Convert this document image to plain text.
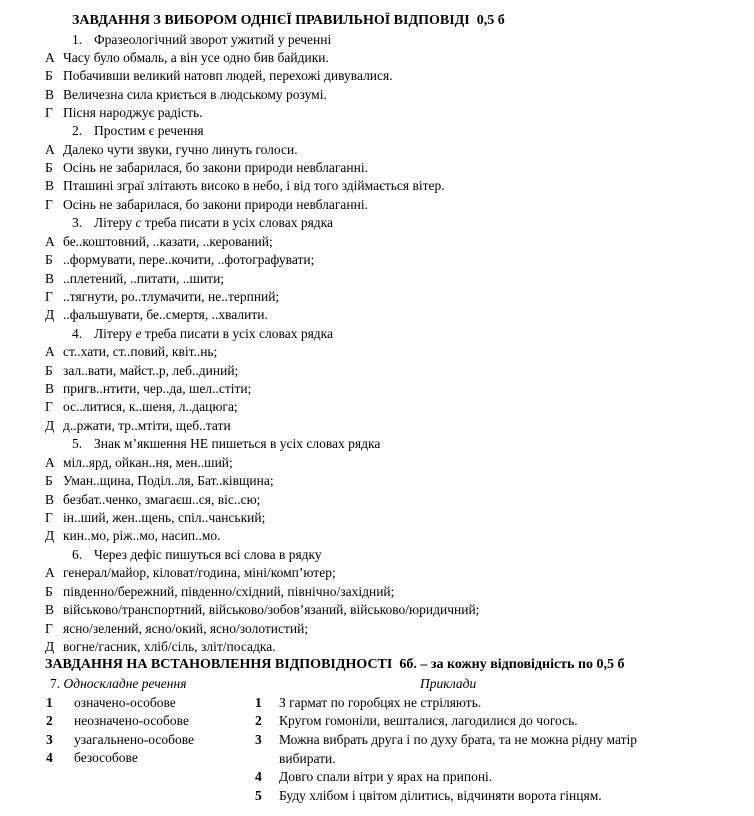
ЗАВДАННЯ З ВИБОРОМ ОДНІЄЇ ПРАВИЛЬНОЇ ВІДПОВІДІ 0,5 б
1. Фразеологічний зворот ужитий у реченні
А Часу було обмаль, а він усе одно бив байдики.
Б Побачивши великий натовп людей, перехожі дивувалися.
В Величезна сила криється в людському розумі.
Г Пісня народжує радість.
2. Простим є речення
А Далеко чути звуки, гучно линуть голоси.
Б Осінь не забарилася, бо закони природи невблаганні.
В Пташині зграї злітають високо в небо, і від того здіймається вітер.
Г Осінь не забарилася, бо закони природи невблаганні.
3. Літеру с треба писати в усіх словах рядка
А бе..коштовний, ..казати, ..керований;
Б ..формувати, пере..кочити, ..фотографувати;
В ..плетений, ..питати, ..шити;
Г ..тягнути, ро..тлумачити, не..терпний;
Д ..фальшувати, бе..смертя, ..хвалити.
4. Літеру е треба писати в усіх словах рядка
А ст..хати, ст..повий, квіт..нь;
Б зал..вати, майст..р, леб..диний;
В пригв..нтити, чер..да, шел..стіти;
Г ос..литися, к..шеня, л..дацюга;
Д д..ржати, тр..мтіти, щеб..тати
5. Знак м’якшення НЕ пишеться в усіх словах рядка
А міл..ярд, ойкан..ня, мен..ший;
Б Уман..щина, Поділ..ля, Бат..ківщина;
В безбат..ченко, змагаєш..ся, віс..сю;
Г ін..ший, жен..щень, спіл..чанський;
Д кин..мо, ріж..мо, насип..мо.
6. Через дефіс пишуться всі слова в рядку
А генерал/майор, кіловат/година, міні/комп’ютер;
Б південно/бережний, південно/східний, північно/західний;
В військово/транспортний, військово/зобов’язаний, військово/юридичний;
Г ясно/зелений, ясно/окий, ясно/золотистий;
Д вогне/гасник, хліб/сіль, зліт/посадка.
ЗАВДАННЯ НА ВСТАНОВЛЕННЯ ВІДПОВІДНОСТІ 6б. – за кожну відповідність по 0,5 б
7. Односкладне речення	Приклади
1 означено-особове
2 неозначено-особове
3 узагальнено-особове
4 безособове
1	З гармат по горобцях не стріляють.
2	Кругом гомоніли, вешталися, лагодилися до чогось.
3	Можна вибрать друга і по духу брата, та не можна рідну матір вибирати.
4	Довго спали вітри у ярах на припоні.
5	Буду хлібом і цвітом ділитись, відчиняти ворота гінцям.
